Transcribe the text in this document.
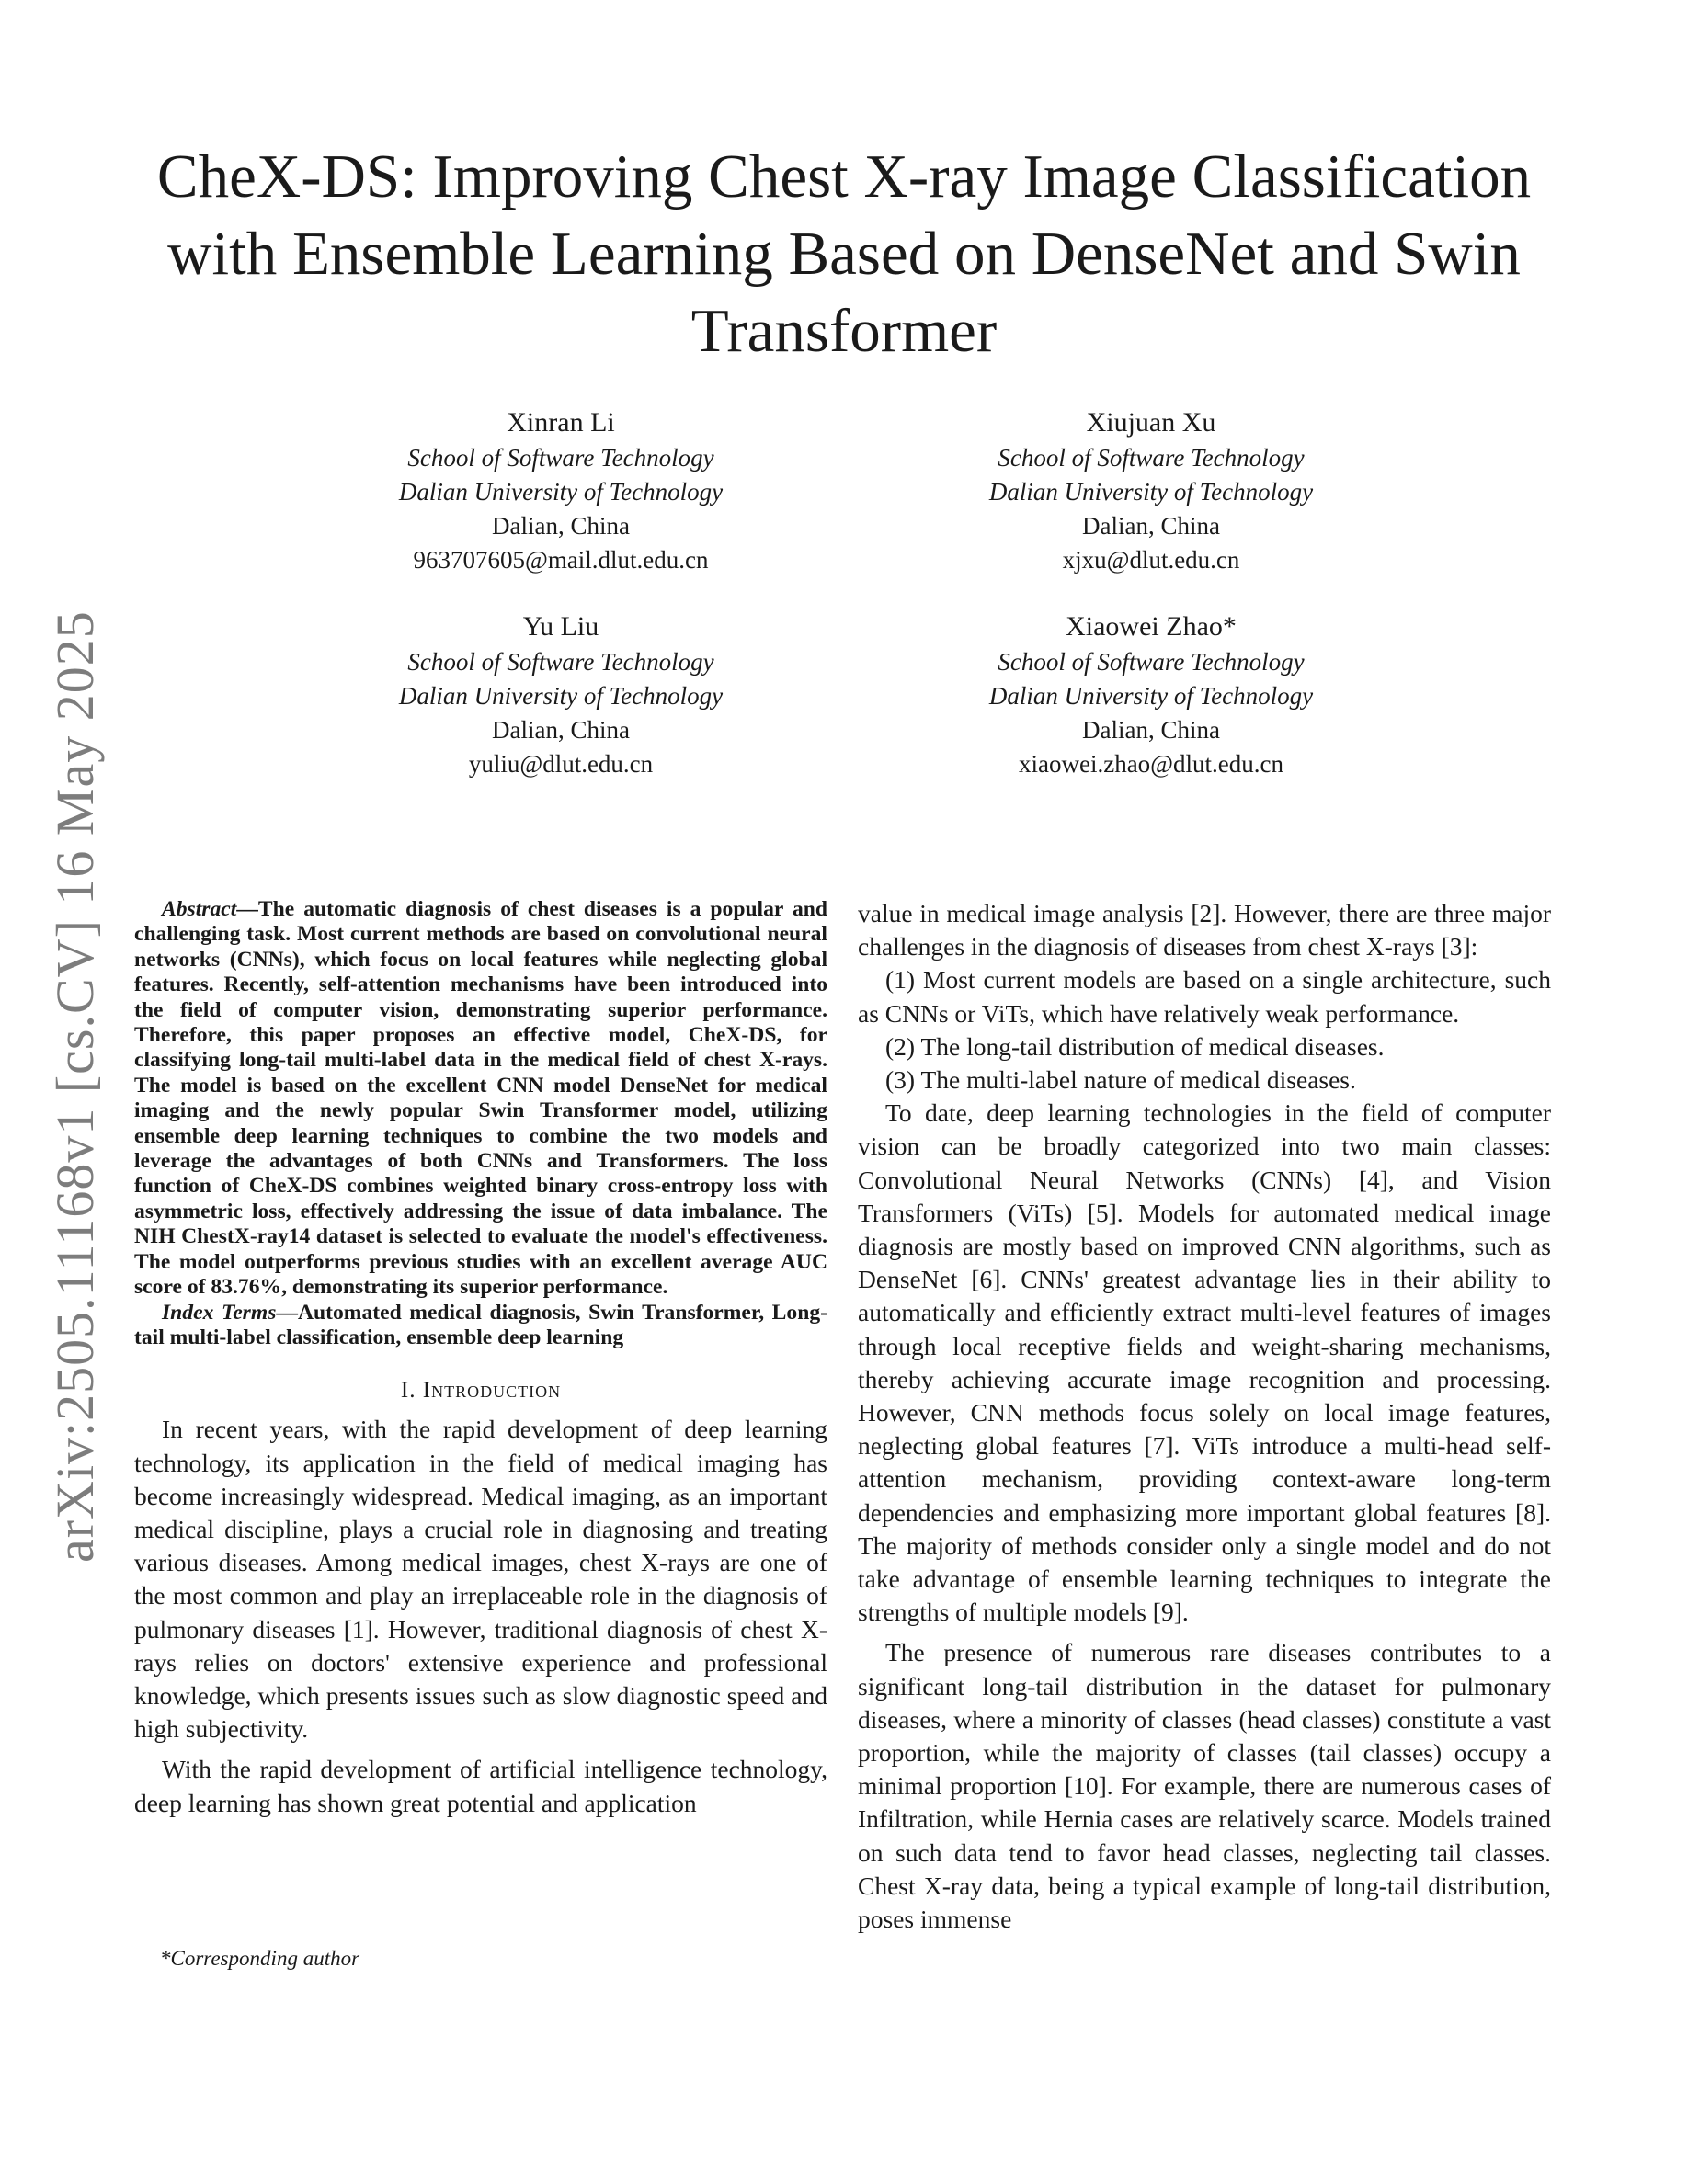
arXiv:2505.11168v1 [cs.CV] 16 May 2025
CheX-DS: Improving Chest X-ray Image Classification with Ensemble Learning Based on DenseNet and Swin Transformer
Xinran Li
School of Software Technology
Dalian University of Technology
Dalian, China
963707605@mail.dlut.edu.cn
Xiujuan Xu
School of Software Technology
Dalian University of Technology
Dalian, China
xjxu@dlut.edu.cn
Yu Liu
School of Software Technology
Dalian University of Technology
Dalian, China
yuliu@dlut.edu.cn
Xiaowei Zhao*
School of Software Technology
Dalian University of Technology
Dalian, China
xiaowei.zhao@dlut.edu.cn

Abstract—The automatic diagnosis of chest diseases is a popular and challenging task. Most current methods are based on convolutional neural networks (CNNs), which focus on local features while neglecting global features. Recently, self-attention mechanisms have been introduced into the field of computer vision, demonstrating superior performance. Therefore, this paper proposes an effective model, CheX-DS, for classifying long-tail multi-label data in the medical field of chest X-rays. The model is based on the excellent CNN model DenseNet for medical imaging and the newly popular Swin Transformer model, utilizing ensemble deep learning techniques to combine the two models and leverage the advantages of both CNNs and Transformers. The loss function of CheX-DS combines weighted binary cross-entropy loss with asymmetric loss, effectively addressing the issue of data imbalance. The NIH ChestX-ray14 dataset is selected to evaluate the model's effectiveness. The model outperforms previous studies with an excellent average AUC score of 83.76%, demonstrating its superior performance.

Index Terms—Automated medical diagnosis, Swin Transformer, Long-tail multi-label classification, ensemble deep learning

I. Introduction

In recent years, with the rapid development of deep learning technology, its application in the field of medical imaging has become increasingly widespread. Medical imaging, as an important medical discipline, plays a crucial role in diagnosing and treating various diseases. Among medical images, chest X-rays are one of the most common and play an irreplaceable role in the diagnosis of pulmonary diseases [1]. However, traditional diagnosis of chest X-rays relies on doctors' extensive experience and professional knowledge, which presents issues such as slow diagnostic speed and high subjectivity.

With the rapid development of artificial intelligence technology, deep learning has shown great potential and application

value in medical image analysis [2]. However, there are three major challenges in the diagnosis of diseases from chest X-rays [3]:

(1) Most current models are based on a single architecture, such as CNNs or ViTs, which have relatively weak performance.

(2) The long-tail distribution of medical diseases.

(3) The multi-label nature of medical diseases.

To date, deep learning technologies in the field of computer vision can be broadly categorized into two main classes: Convolutional Neural Networks (CNNs) [4], and Vision Transformers (ViTs) [5]. Models for automated medical image diagnosis are mostly based on improved CNN algorithms, such as DenseNet [6]. CNNs' greatest advantage lies in their ability to automatically and efficiently extract multi-level features of images through local receptive fields and weight-sharing mechanisms, thereby achieving accurate image recognition and processing. However, CNN methods focus solely on local image features, neglecting global features [7]. ViTs introduce a multi-head self-attention mechanism, providing context-aware long-term dependencies and emphasizing more important global features [8]. The majority of methods consider only a single model and do not take advantage of ensemble learning techniques to integrate the strengths of multiple models [9].

The presence of numerous rare diseases contributes to a significant long-tail distribution in the dataset for pulmonary diseases, where a minority of classes (head classes) constitute a vast proportion, while the majority of classes (tail classes) occupy a minimal proportion [10]. For example, there are numerous cases of Infiltration, while Hernia cases are relatively scarce. Models trained on such data tend to favor head classes, neglecting tail classes. Chest X-ray data, being a typical example of long-tail distribution, poses immense

*Corresponding author
